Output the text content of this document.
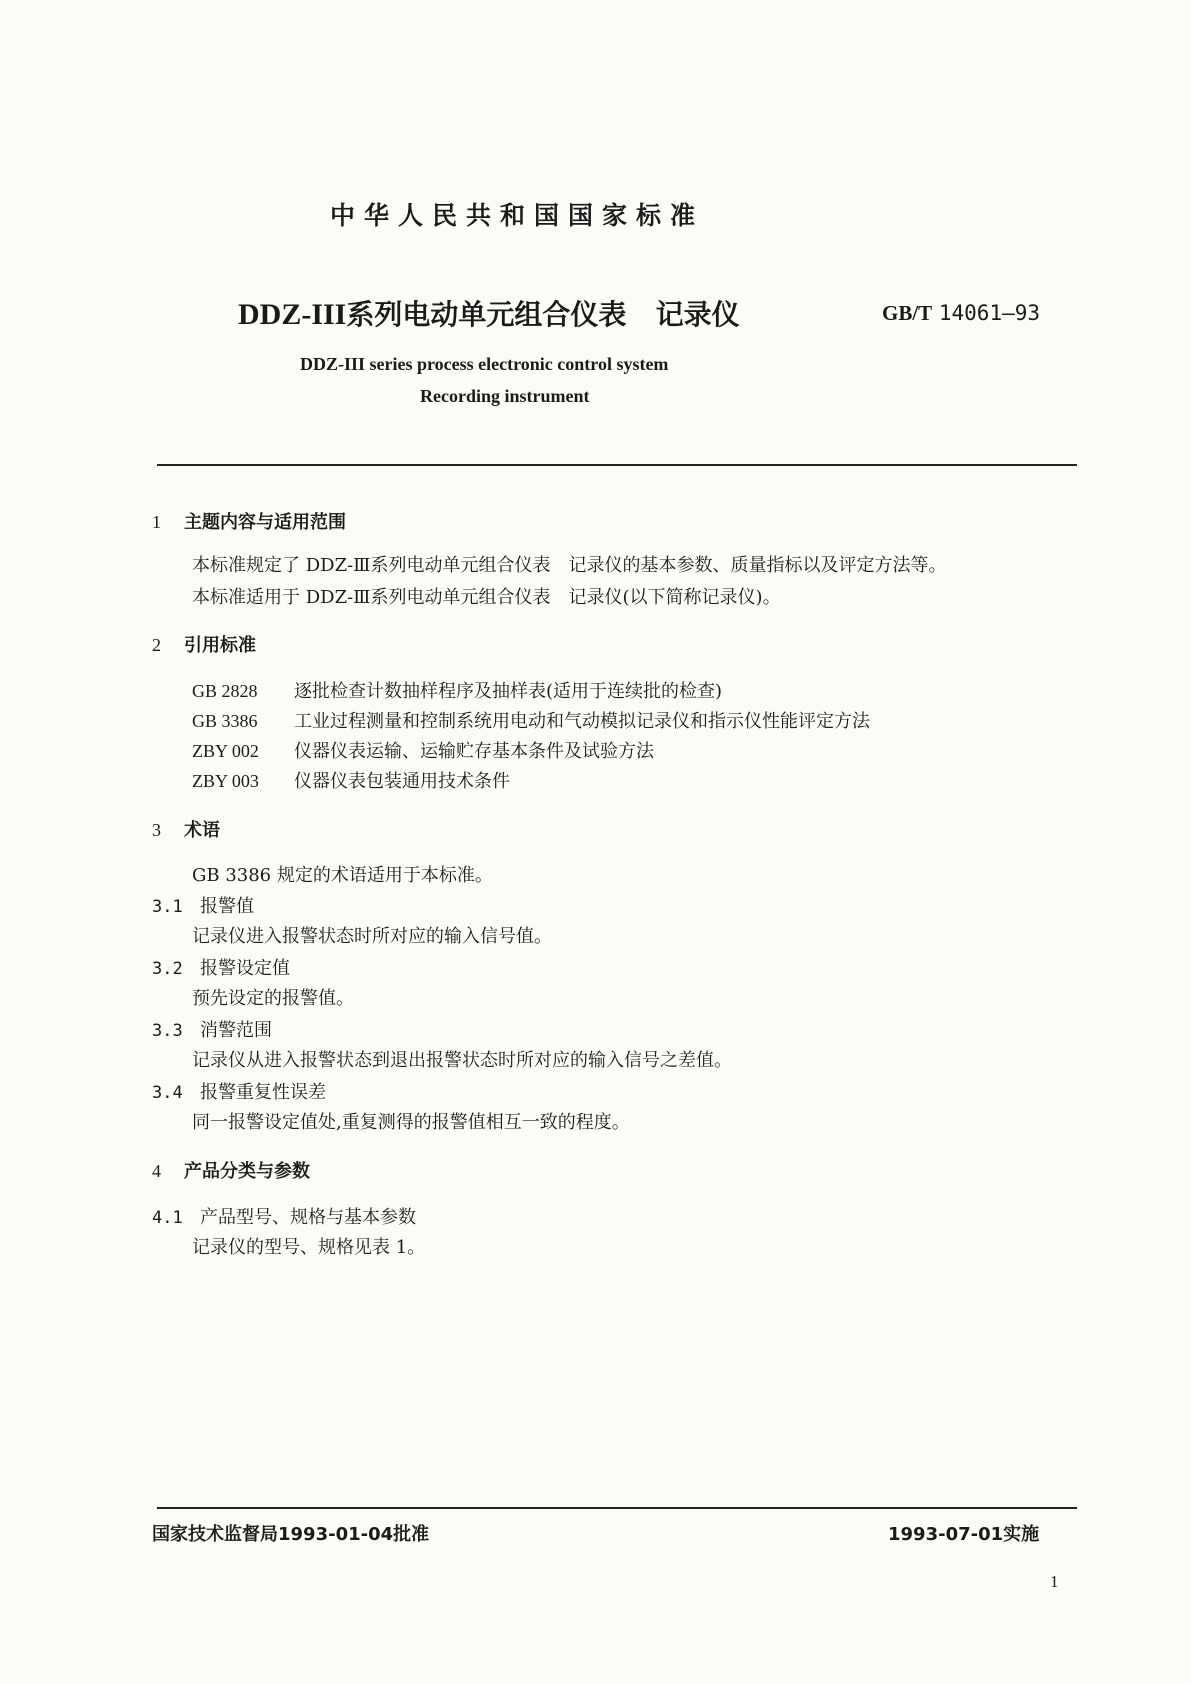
中华人民共和国国家标准
DDZ-III系列电动单元组合仪表 记录仪	GB/T 14061—93
DDZ-III series process electronic control system
Recording instrument
1 主题内容与适用范围
本标准规定了 DDZ-Ⅲ系列电动单元组合仪表　记录仪的基本参数、质量指标以及评定方法等。
本标准适用于 DDZ-Ⅲ系列电动单元组合仪表　记录仪(以下简称记录仪)。
2 引用标准
GB 2828 逐批检查计数抽样程序及抽样表(适用于连续批的检查)
GB 3386 工业过程测量和控制系统用电动和气动模拟记录仪和指示仪性能评定方法
ZBY 002 仪器仪表运输、运输贮存基本条件及试验方法
ZBY 003 仪器仪表包装通用技术条件
3 术语
GB 3386 规定的术语适用于本标准。
3.1 报警值
记录仪进入报警状态时所对应的输入信号值。
3.2 报警设定值
预先设定的报警值。
3.3 消警范围
记录仪从进入报警状态到退出报警状态时所对应的输入信号之差值。
3.4 报警重复性误差
同一报警设定值处,重复测得的报警值相互一致的程度。
4 产品分类与参数
4.1 产品型号、规格与基本参数
记录仪的型号、规格见表 1。
国家技术监督局1993-01-04批准	1993-07-01实施
1
